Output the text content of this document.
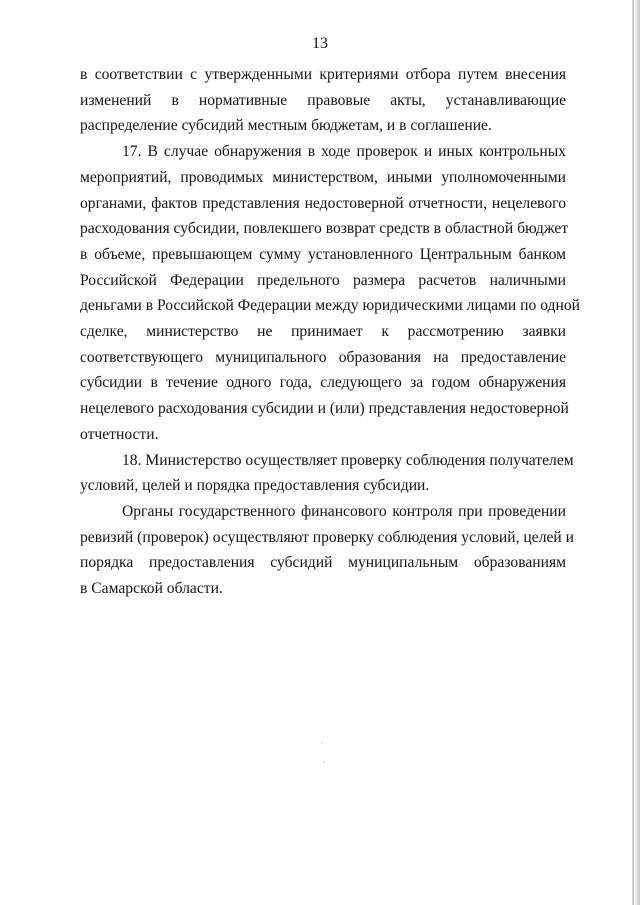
13
в соответствии с утвержденными критериями отбора путем внесения
изменений в нормативные правовые акты, устанавливающие
распределение субсидий местным бюджетам, и в соглашение.
17. В случае обнаружения в ходе проверок и иных контрольных
мероприятий, проводимых министерством, иными уполномоченными
органами, фактов представления недостоверной отчетности, нецелевого
расходования субсидии, повлекшего возврат средств в областной бюджет
в объеме, превышающем сумму установленного Центральным банком
Российской Федерации предельного размера расчетов наличными
деньгами в Российской Федерации между юридическими лицами по одной
сделке, министерство не принимает к рассмотрению заявки
соответствующего муниципального образования на предоставление
субсидии в течение одного года, следующего за годом обнаружения
нецелевого расходования субсидии и (или) представления недостоверной
отчетности.
18. Министерство осуществляет проверку соблюдения получателем
условий, целей и порядка предоставления субсидии.
Органы государственного финансового контроля при проведении
ревизий (проверок) осуществляют проверку соблюдения условий, целей и
порядка предоставления субсидий муниципальным образованиям
в Самарской области.
